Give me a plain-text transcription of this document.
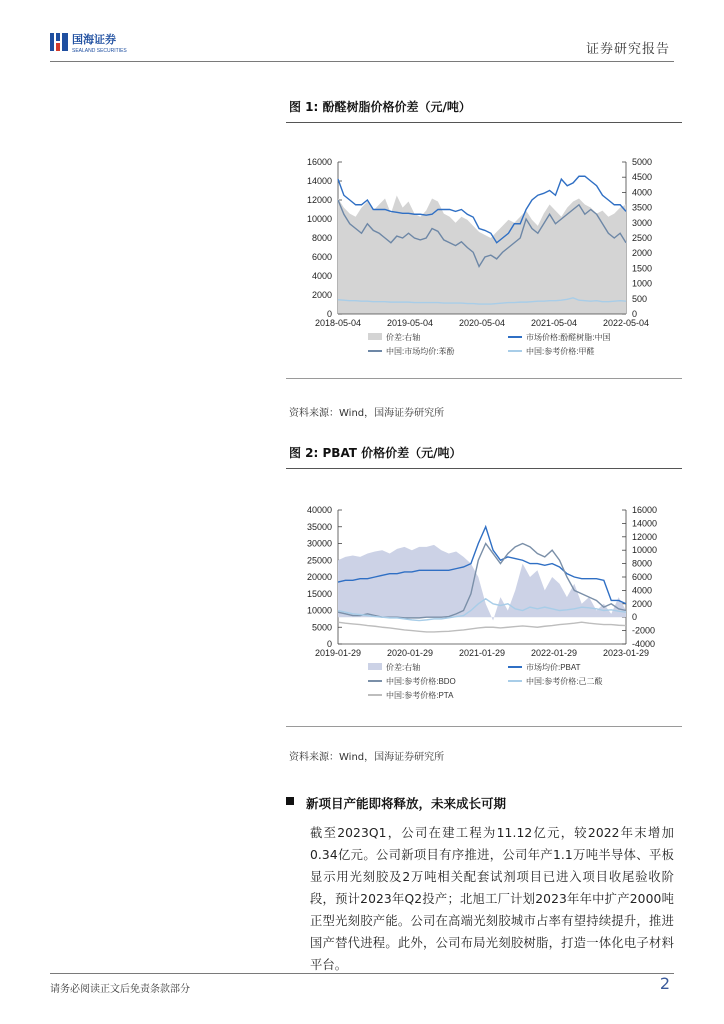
国海证券
SEALAND SECURITIES	证券研究报告
图 1: 酚醛树脂价格价差（元/吨）
0
2000
4000
6000
8000
10000
12000
14000
16000
0
500
1000
1500
2000
2500
3000
3500
4000
4500
5000
2018-05-04	2019-05-04	2020-05-04	2021-05-04	2022-05-04
价差:右轴	市场价格:酚醛树脂:中国
中国:市场均价:苯酚	中国:参考价格:甲醛
资料来源：Wind，国海证券研究所
图 2: PBAT 价格价差（元/吨）
0
5000
10000
15000
20000
25000
30000
35000
40000
-4000
-2000
0
2000
4000
6000
8000
10000
12000
14000
16000
2019-01-29	2020-01-29	2021-01-29	2022-01-29	2023-01-29
价差:右轴	市场均价:PBAT
中国:参考价格:BDO	中国:参考价格:己二酸
中国:参考价格:PTA
资料来源：Wind，国海证券研究所
新项目产能即将释放，未来成长可期
截至2023Q1，公司在建工程为11.12亿元，较2022年末增加0.34亿元。公司新项目有序推进，公司年产1.1万吨半导体、平板显示用光刻胶及2万吨相关配套试剂项目已进入项目收尾验收阶段，预计2023年Q2投产；北旭工厂计划2023年年中扩产2000吨正型光刻胶产能。公司在高端光刻胶城市占率有望持续提升，推进国产替代进程。此外，公司布局光刻胶树脂，打造一体化电子材料平台。
请务必阅读正文后免责条款部分	2
